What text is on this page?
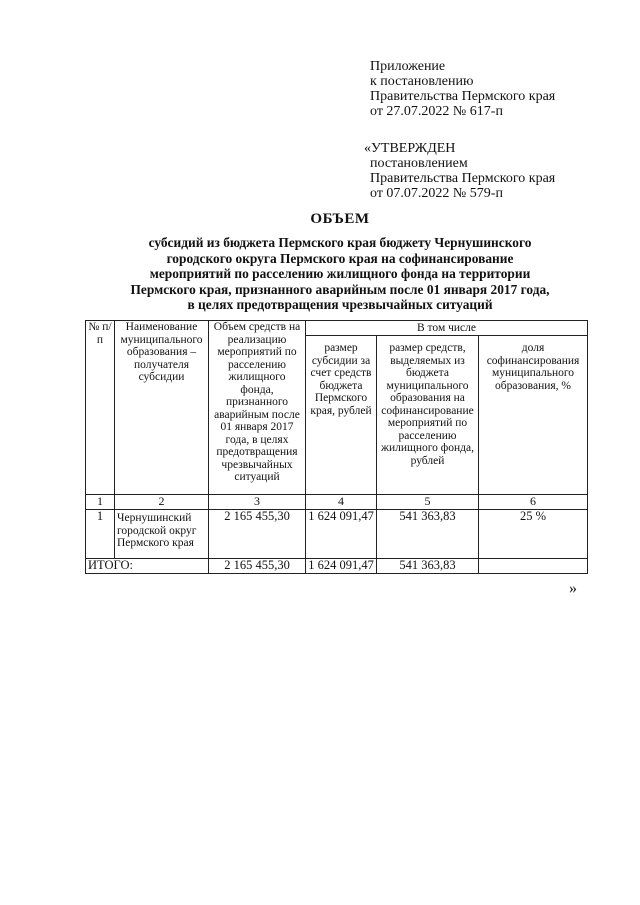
Приложение
к постановлению
Правительства Пермского края
от 27.07.2022 № 617-п
«УТВЕРЖДЕН
постановлением
Правительства Пермского края
от 07.07.2022 № 579-п
ОБЪЕМ
субсидий из бюджета Пермского края бюджету Чернушинского
городского округа Пермского края на софинансирование
мероприятий по расселению жилищного фонда на территории
Пермского края, признанного аварийным после 01 января 2017 года,
в целях предотвращения чрезвычайных ситуаций
№ п/п	Наименование муниципального образования – получателя субсидии	Объем средств на реализацию мероприятий по расселению жилищного фонда, признанного аварийным после 01 января 2017 года, в целях предотвращения чрезвычайных ситуаций	В том числе		
			размер субсидии за счет средств бюджета Пермского края, рублей	размер средств, выделяемых из бюджета муниципального образования на софинансирование мероприятий по расселению жилищного фонда, рублей	доля софинансирования муниципального образования, %
1	2	3	4	5	6
1	Чернушинский городской округ Пермского края	2 165 455,30	1 624 091,47	541 363,83	25 %
ИТОГО:		2 165 455,30	1 624 091,47	541 363,83	
»
